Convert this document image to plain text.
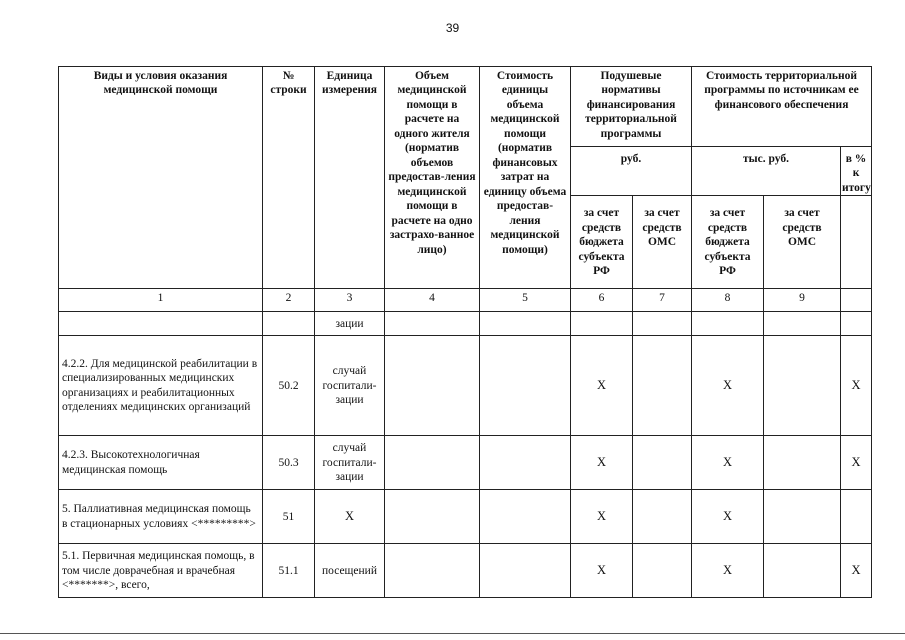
39
Виды и условия оказания медицинской помощи	№ строки	Единица измерения	Объем медицинской помощи в расчете на одного жителя (норматив объемов предостав-ления медицинской помощи в расчете на одно застрахо-ванное лицо)	Стоимость единицы объема медицинской помощи (норматив финансовых затрат на единицу объема предостав-ления медицинской помощи)	Подушевые нормативы финансирования территориальной программы		Стоимость территориальной программы по источникам ее финансового обеспечения		
					руб.		тыс. руб.		в % к итогу
					за счет средств бюджета субъекта РФ	за счет средств ОМС	за счет средств бюджета субъекта РФ	за счет средств ОМС	
1	2	3	4	5	6	7	8	9	
		зации							
4.2.2. Для медицинской реабилитации в специализированных медицинских организациях и реабилитационных отделениях медицинских организаций	50.2	случай госпитали-зации			X		X		X
4.2.3. Высокотехнологичная медицинская помощь	50.3	случай госпитали-зации			X		X		X
5. Паллиативная медицинская помощь в стационарных условиях <*********>	51	X			X		X		
5.1. Первичная медицинская помощь, в том числе доврачебная и врачебная <*******>, всего,	51.1	посещений			X		X		X
